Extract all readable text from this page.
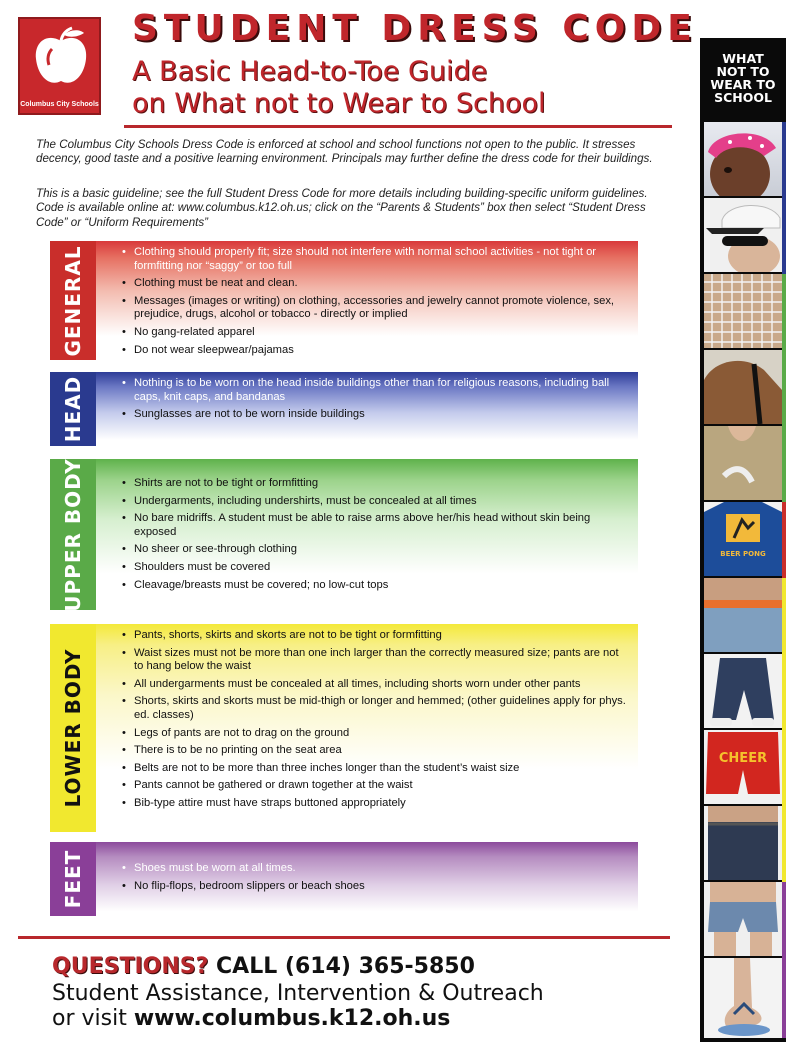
Columbus City Schools
STUDENT DRESS CODE
A Basic Head-to-Toe Guide
on What not to Wear to School

The Columbus City Schools Dress Code is enforced at school and school functions not open to the public. It stresses decency, good taste and a positive learning environment. Principals may further define the dress code for their buildings.

This is a basic guideline; see the full Student Dress Code for more details including building-specific uniform guidelines. Code is available online at: www.columbus.k12.oh.us; click on the “Parents & Students” box then select “Student Dress Code” or “Uniform Requirements”

GENERAL	• Clothing should properly fit; size should not interfere with normal school activities - not tight or formfitting nor “saggy” or too full
• Clothing must be neat and clean.
• Messages (images or writing) on clothing, accessories and jewelry cannot promote violence, sex, prejudice, drugs, alcohol or tobacco - directly or implied
• No gang-related apparel
• Do not wear sleepwear/pajamas
HEAD	• Nothing is to be worn on the head inside buildings other than for religious reasons, including ball caps, knit caps, and bandanas
• Sunglasses are not to be worn inside buildings
UPPER BODY	• Shirts are not to be tight or formfitting
• Undergarments, including undershirts, must be concealed at all times
• No bare midriffs. A student must be able to raise arms above her/his head without skin being exposed
• No sheer or see-through clothing
• Shoulders must be covered
• Cleavage/breasts must be covered; no low-cut tops
LOWER BODY
• Pants, shorts, skirts and skorts are not to be tight or formfitting
• Waist sizes must not be more than one inch larger than the correctly measured size; pants are not to hang below the waist
• All undergarments must be concealed at all times, including shorts worn under other pants
• Shorts, skirts and skorts must be mid-thigh or longer and hemmed; (other guidelines apply for phys. ed. classes)
• Legs of pants are not to drag on the ground
• There is to be no printing on the seat area
• Belts are not to be more than three inches longer than the student’s waist size
• Pants cannot be gathered or drawn together at the waist
• Bib-type attire must have straps buttoned appropriately
FEET	• Shoes must be worn at all times.
• No flip-flops, bedroom slippers or beach shoes
QUESTIONS? CALL (614) 365-5850
Student Assistance, Intervention & Outreach
or visit www.columbus.k12.oh.us
WHAT
NOT TO
WEAR TO
SCHOOL
BEER PONG
CHEER
